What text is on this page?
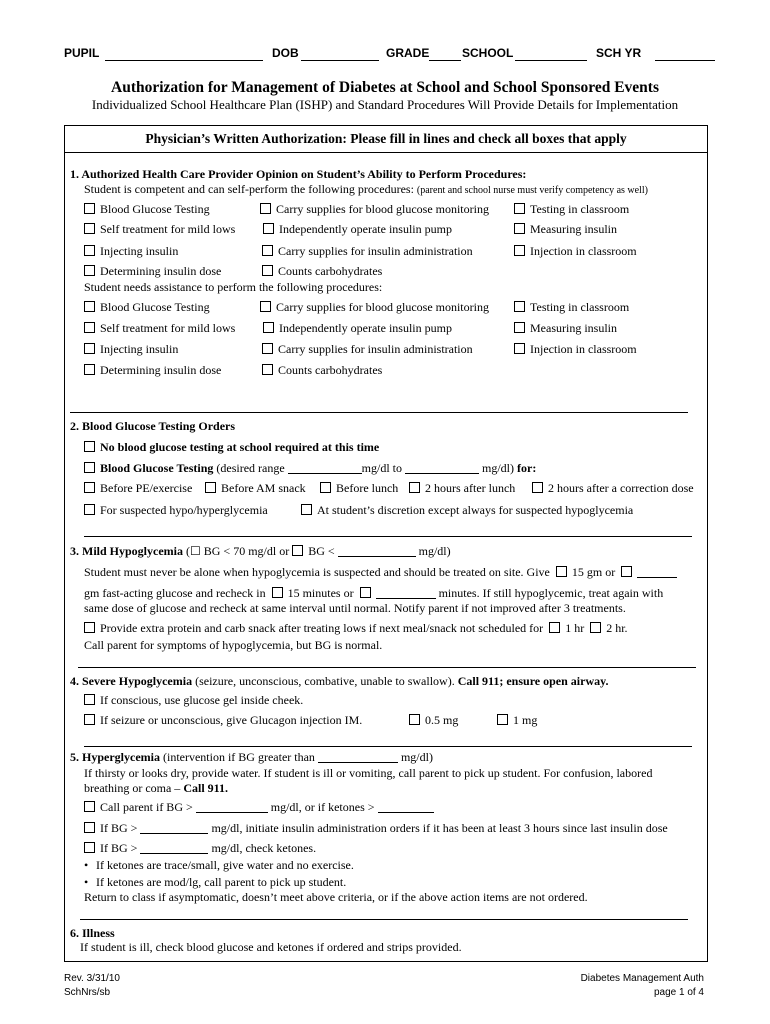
PUPIL	DOB	GRADE	SCHOOL	SCH YR
Authorization for Management of Diabetes at School and School Sponsored Events
Individualized School Healthcare Plan (ISHP) and Standard Procedures Will Provide Details for Implementation
Physician’s Written Authorization: Please fill in lines and check all boxes that apply
1. Authorized Health Care Provider Opinion on Student’s Ability to Perform Procedures:
Student is competent and can self-perform the following procedures: (parent and school nurse must verify competency as well)
Blood Glucose Testing	Carry supplies for blood glucose monitoring	Testing in classroom
Self treatment for mild lows	Independently operate insulin pump	Measuring insulin
Injecting insulin	Carry supplies for insulin administration	Injection in classroom
Determining insulin dose	Counts carbohydrates
Student needs assistance to perform the following procedures:
Blood Glucose Testing	Carry supplies for blood glucose monitoring	Testing in classroom
Self treatment for mild lows	Independently operate insulin pump	Measuring insulin
Injecting insulin	Carry supplies for insulin administration	Injection in classroom
Determining insulin dose	Counts carbohydrates
2. Blood Glucose Testing Orders
No blood glucose testing at school required at this time
Blood Glucose Testing (desired range	mg/dl to	mg/dl) for:
Before PE/exercise	Before AM snack	Before lunch	2 hours after lunch	2 hours after a correction dose
For suspected hypo/hyperglycemia	At student’s discretion except always for suspected hypoglycemia
3. Mild Hypoglycemia (☐ BG < 70 mg/dl or BG <	mg/dl)
Student must never be alone when hypoglycemia is suspected and should be treated on site. Give 15 gm or
gm fast-acting glucose and recheck in 15 minutes or	minutes. If still hypoglycemic, treat again with
same dose of glucose and recheck at same interval until normal. Notify parent if not improved after 3 treatments.
Provide extra protein and carb snack after treating lows if next meal/snack not scheduled for 1 hr 2 hr.
Call parent for symptoms of hypoglycemia, but BG is normal.
4. Severe Hypoglycemia (seizure, unconscious, combative, unable to swallow). Call 911; ensure open airway.
If conscious, use glucose gel inside cheek.
If seizure or unconscious, give Glucagon injection IM.	0.5 mg	1 mg
5. Hyperglycemia (intervention if BG greater than	mg/dl)
If thirsty or looks dry, provide water. If student is ill or vomiting, call parent to pick up student. For confusion, labored
breathing or coma – Call 911.
Call parent if BG >	mg/dl, or if ketones >
If BG >	mg/dl, initiate insulin administration orders if it has been at least 3 hours since last insulin dose
If BG >	mg/dl, check ketones.
• If ketones are trace/small, give water and no exercise.
• If ketones are mod/lg, call parent to pick up student.
Return to class if asymptomatic, doesn’t meet above criteria, or if the above action items are not ordered.
6. Illness
If student is ill, check blood glucose and ketones if ordered and strips provided.
Rev. 3/31/10
SchNrs/sb
Diabetes Management Auth
page 1 of 4
